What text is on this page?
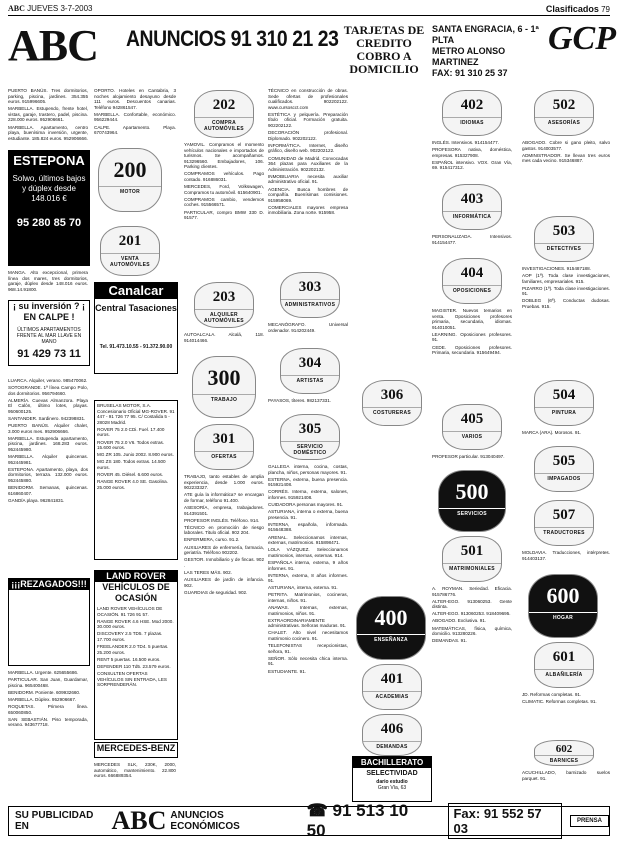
ABC JUEVES 3-7-2003	Clasificados 79
ABC ANUNCIOS 91 310 21 23 TARJETAS DE CREDITO COBRO A DOMICILIO
SANTA ENGRACIA, 6 - 1ª PLTA
METRO ALONSO MARTINEZ
FAX: 91 310 25 37
GCP

PUERTO BANÚS. Tres dormitorios, parking, piscina, jardines. 354.355 euros. 915996605.

MARBELLA. Estupendo, frente hotel, vistas, garaje, trastero, padel, piscina. 228.000 euros. 952906661.

MARBELLA. Apartamento, centro playa, buenísima inversión, urgente, estudiante. 185.824 euros. 952906666.

ESTEPONA
Solwo, últimos bajos y dúplex desde 148.016 €
95 280 85 70

MANGA. Alto excepcional, primera línea dos mares, tres dormitorios, garaje, dúplex desde 148.016 euros. 968.14.91800.

¡ su inversión ? ¡ EN CALPE !
ÚLTIMOS APARTAMENTOS FRENTE AL MAR LLAVE EN MANO
91 429 73 11

LUARCA. Alquiler, verano. 985470062.

SOTOGRANDE. 1ª línea Campo Polo, dos dormitorios. 956794660.

ALMERÍA. Cuevas Almanzora. Playa El Calón, último lotes, playas. 950600125.

SANTANDER. Sardinero. 942398831.

PUERTO BANÚS. Alquiler chalet, 3.000 euros mes. 952906666.

MARBELLA. Estupenda apartamento, piscina, jardines. 168.283 euros. 952445980.

MARBELLA. Alquiler quincenas. 952445981.

ESTEPONA. Apartamento, playa, dos dormitorios, terraza. 132.000 euros. 952445880.

BENIDORM. Semanas, quincenas. 616860407.

GANDÍA playa. 962841831.

¡¡¡REZAGADOS!!!

MARBELLA. Urgente. 625655686.

PARTICULAR. San Juan, Guardamar, piscina. 965400468.

BENIDORM. Poniente. 609932660.

MARBELLA. Dúplex. 952906667.

ROQUETAS. Primera línea. 650060850.

SAN SEBASTIÁN. Piso temporada, verano. 943677718.

OPORTO. Hoteles en Cantabria, 3 noches alojamiento desayuno desde 111 euros. Descuentos canarias. Teléfono 942861547.

MARBELLA. Confortable, económico. 956229444.

CALPE. Apartamento. Playa. 670743964.

200
MOTOR
201
VENTA AUTOMÓVILES
Canalcar
Central Tasaciones
Tel. 91.473.10.55 - 91.372.90.00

BRUSELAS MOTOR, S.A. Concesionario Oficial MG-ROVER. 91 447 - 91 726 77 95. C/ Costalida 5 - 28028 Madrid.

ROVER 75 2.0 CDi. Fuel. 17.400 euros.

ROVER 75 2.0 V6. Todos extras. 15.600 euros.

MG ZR 105. Junio 2002. 8.900 euros.

MG ZS 180. Todos extras. 14.500 euros.

ROVER 45. Diésel. 6.600 euros.

RANGE ROVER 4.0 SE. Gasolina. 25.000 euros.

LAND ROVER
VEHÍCULOS DE OCASIÓN

LAND ROVER VEHÍCULOS DE OCASIÓN. 91 726 91 57.

RANGE ROVER 4.6 HSE. Mod 2000. 30.000 euros.

DISCOVERY 2.5 TD5. 7 plazas. 17.700 euros.

FREELANDER 2.0 TD4. 5 puertas. 25.200 euros.

RENT 5 puertas. 16.500 euros.

DEFENDER 110 Td5. 23.579 euros.

CONSULTEN OFERTAS VEHÍCULOS SIN ENTRADA, LES SORPRENDERÁN.

MERCEDES-BENZ

MERCEDES SLK, 230K, 2000, automático, mantenimiento. 22.800 euros. 666889354.

202
COMPRA AUTOMÓVILES

YAMOVIL. Compramos el momento vehículos nacionales e importados de turismos. Se acompañamos. 913296560. Embajadores, 106. Parking clientes.

COMPRAMOS vehículos. Pago contado. 916886031.

MERCEDES, Ford, Volkswagen, Compramos tu automóvil. 615640901.

COMPRAMOS cambio, vendemos coches. 915566571.

PARTICULAR, compro BMW 330 D. 91577.

203
ALQUILER AUTOMÓVILES

AUTOALCALA. Alcalá, 118. 914014466.

300
TRABAJO
301
OFERTAS

TRABAJO, tanto estables de amplia experiencia, desde 1.000 euros. 902233327.

ATE guía la informática? se encargan de formar, teléfono 91.400.

ASESORÍA, empresa, trabajadores. 914391501.

PROFESOR INGLÉS. Teléfono. 914.

TÉCNICO en promoción de riesgo laborales. Titulo oficial. 902 204.

ENFERMERA, curso. 91.2.

AUXILIARES de enfermería, farmacia, geriatría. Teléfono 902202.

GESTOR. Inmobiliario y de fincas. 902 .

LAS TERES MÁS. 902.

AUXILIARES de jardín de infancia. 902.

GUARDIAS de seguridad. 902.

TÉCNICO en construcción de obras. Sede ofertas de profesionales cualificados. 902202122. www.cursoscct.com

ESTÉTICA y pelquería. Preparación título oficial. Formación gratuita. 902202122.

DECORACIÓN profesional. Diplomado. 902202122.

INFORMÁTICA. Internet, diseño gráfico, diseño web. 902202122.

COMUNIDAD de Madrid. Convocadas 364 plazas para Auxiliares de la Administración. 902202132.

INMOBILIARIA necesita auxiliar administrativo oficial. 91.

AGENCIA. Busca hombres de compañía. Buenísimas comisiones. 915958069.

COMERCIALES mayores empresa inmobiliaria. Zona norte. 915958.

303
ADMINISTRATIVOS

MECANÓGRAFO. Universal ordenador. 914202449.

304
ARTISTAS

PAYASOS, títeres. 982137331.

305
SERVICIO DOMÉSTICO

GALLEGA interna, cocina, costas, plancha, niños, personas mayores. 91.

ESTERNA, externa, buena presencia. 915921408.

CORRÉS. Interna, externa, salones, informes. 915921408.

CUIDADORA personas mayores. 91.

ASTURIANA, interna o externa, buena presencia. 91.

INTERNA, española, informada. 915648388.

ARENAL. Seleccionamos internas, externas, matrimonios. 915898471.

LOLA VÁZQUEZ. Seleccionamos matrimonios, internas, externas. 914.

ESPAÑOLA interna, externa, 9 años informes. 91.

INTERNA, externa, 8 años informes. 91.

ASTURIANA, interna, externa. 91.

PETRITA. Matrimonios, cocineras, internas, niños. 91.

ANAWAS. Internas, externas, matrimonios, niños. 91.

EXTRAORDINARIAMENTE administrativas. Señoras maduras. 91.

CHALET. Alto nivel necesitamos matrimonio cocinero. 91.

TELEFONISTAS recepcionistas, señora, 91.

SEÑOR. Sólo necesita chica interna. 91.

ESTUDIANTE. 91.

306
COSTURERAS
400
ENSEÑANZA
401
ACADEMIAS
406
DEMANDAS
402
IDIOMAS

INGLÉS. Intensivos. 914154477.

PROFESORA nativa, doméstica, empresas. 915327908.

ESPAÑOL intensivo. VOX. Gran Vía, 69. 915417312.

403
INFORMÁTICA

PERSONALIZADA. Intensivos. 914154477.

404
OPOSICIONES

MAGISTER. Nuevos temarios en venta. Oposiciones profesores primaria, secundaria, idiomas. 914010051.

LEARNING. Oposiciones profesores. 91.

CEDE. Oposiciones profesores. Primaria, secundaria. 915649494.

405
VARIOS

PROFESOR particular. 913040497.

500
SERVICIOS
501
MATRIMONIALES

A. ROYMAN. Seriedad. Eficacia. 915786776.

ALTER-EGO. 913060253. Gente distinta.

ALTER-EGO. 913060253. 918409695.

ABOGADO. Exclusiva. 91.

MATEMÁTICAS, física, química, domicilio. 913280226.

DEMANDAS. 91.

BACHILLERATO
SELECTIVIDAD
dario estudio
Gran Vía, 63
502
ASESORÍAS

ABOGADO. Cobre si gano pleito, salvo gastos. 914003577.

ADMINISTRADOR. Se llevan tres euros mes cada vecino. 915346887.

503
DETECTIVES

INVESTIGACIONES. 915487188.

AOP (1ª). Toda clase investigaciones, familiares, empresariales. 915.

PIZARRO (1ª). Toda clase investigaciones. 91.

DOBLEG (6ª). Conductas dudosas. Pruebas. 915.

504
PINTURA

MARCA (ARA). Morosos. 91.

505
IMPAGADOS
507
TRADUCTORES

MOLDAVIA. Traducciones, intérpretes. 914403137.

600
HOGAR
601
ALBAÑILERÍA

JD. Reformas completas. 91.

CLIMATIC. Reformas completas. 91.

602
BARNICES

ACUCHILLADO, barnizado suelos parquet. 91.

SU PUBLICIDAD EN	ABC ANUNCIOS ECONÓMICOS
☎ 91 513 10 50
Fax: 91 552 57 03	PRENSA
